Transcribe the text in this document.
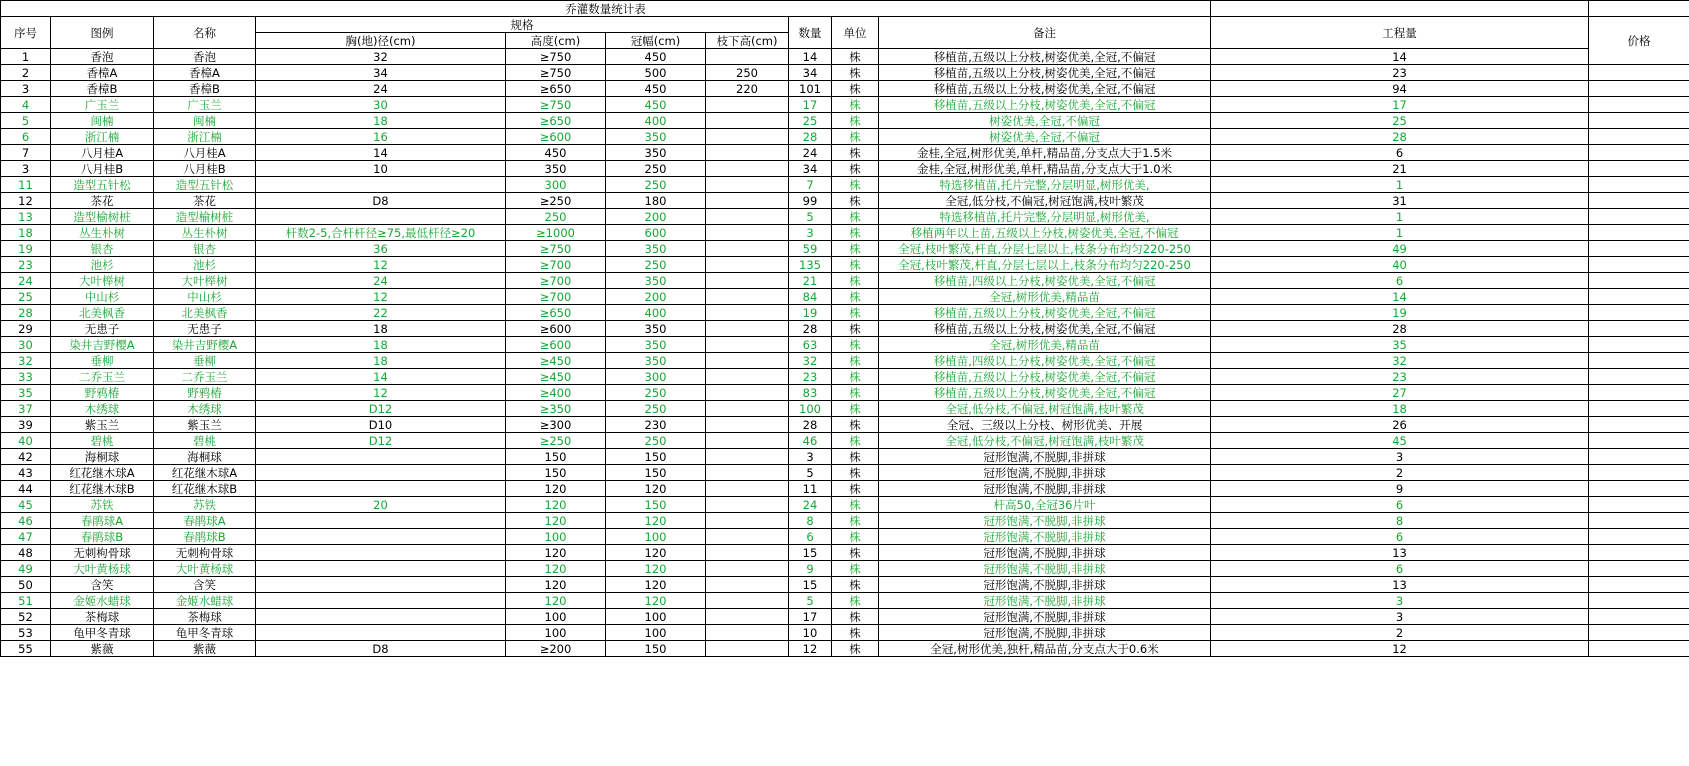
乔灌数量统计表											
序号	图例	名称	规格				数量	单位	备注	工程量	价格
			胸(地)径(cm)	高度(cm)	冠幅(cm)	枝下高(cm)					
1	香泡	香泡	32	≥750	450		14	株	移植苗,五级以上分枝,树姿优美,全冠,不偏冠	14	
2	香樟A	香樟A	34	≥750	500	250	34	株	移植苗,五级以上分枝,树姿优美,全冠,不偏冠	23	
3	香樟B	香樟B	24	≥650	450	220	101	株	移植苗,五级以上分枝,树姿优美,全冠,不偏冠	94	
4	广玉兰	广玉兰	30	≥750	450		17	株	移植苗,五级以上分枝,树姿优美,全冠,不偏冠	17	
5	闽楠	闽楠	18	≥650	400		25	株	树姿优美,全冠,不偏冠	25	
6	浙江楠	浙江楠	16	≥600	350		28	株	树姿优美,全冠,不偏冠	28	
7	八月桂A	八月桂A	14	450	350		24	株	金桂,全冠,树形优美,单杆,精品苗,分支点大于1.5米	6	
3	八月桂B	八月桂B	10	350	250		34	株	金桂,全冠,树形优美,单杆,精品苗,分支点大于1.0米	21	
11	造型五针松	造型五针松		300	250		7	株	特选移植苗,托片完整,分层明显,树形优美,	1	
12	茶花	茶花	D8	≥250	180		99	株	全冠,低分枝,不偏冠,树冠饱满,枝叶繁茂	31	
13	造型榆树桩	造型榆树桩		250	200		5	株	特选移植苗,托片完整,分层明显,树形优美,	1	
18	丛生朴树	丛生朴树	杆数2-5,合杆杆径≥75,最低杆径≥20	≥1000	600		3	株	移植两年以上苗,五级以上分枝,树姿优美,全冠,不偏冠	1	
19	银杏	银杏	36	≥750	350		59	株	全冠,枝叶繁茂,杆直,分层七层以上,枝条分布均匀220-250	49	
23	池杉	池杉	12	≥700	250		135	株	全冠,枝叶繁茂,杆直,分层七层以上,枝条分布均匀220-250	40	
24	大叶榉树	大叶榉树	24	≥700	350		21	株	移植苗,四级以上分枝,树姿优美,全冠,不偏冠	6	
25	中山杉	中山杉	12	≥700	200		84	株	全冠,树形优美,精品苗	14	
28	北美枫香	北美枫香	22	≥650	400		19	株	移植苗,五级以上分枝,树姿优美,全冠,不偏冠	19	
29	无患子	无患子	18	≥600	350		28	株	移植苗,五级以上分枝,树姿优美,全冠,不偏冠	28	
30	染井吉野樱A	染井吉野樱A	18	≥600	350		63	株	全冠,树形优美,精品苗	35	
32	垂柳	垂柳	18	≥450	350		32	株	移植苗,四级以上分枝,树姿优美,全冠,不偏冠	32	
33	二乔玉兰	二乔玉兰	14	≥450	300		23	株	移植苗,五级以上分枝,树姿优美,全冠,不偏冠	23	
35	野鸦椿	野鸦椿	12	≥400	250		83	株	移植苗,五级以上分枝,树姿优美,全冠,不偏冠	27	
37	木绣球	木绣球	D12	≥350	250		100	株	全冠,低分枝,不偏冠,树冠饱满,枝叶繁茂	18	
39	紫玉兰	紫玉兰	D10	≥300	230		28	株	全冠、三级以上分枝、树形优美、开展	26	
40	碧桃	碧桃	D12	≥250	250		46	株	全冠,低分枝,不偏冠,树冠饱满,枝叶繁茂	45	
42	海桐球	海桐球		150	150		3	株	冠形饱满,不脱脚,非拼球	3	
43	红花继木球A	红花继木球A		150	150		5	株	冠形饱满,不脱脚,非拼球	2	
44	红花继木球B	红花继木球B		120	120		11	株	冠形饱满,不脱脚,非拼球	9	
45	苏铁	苏铁	20	120	150		24	株	杆高50,全冠36片叶	6	
46	春鹃球A	春鹃球A		120	120		8	株	冠形饱满,不脱脚,非拼球	8	
47	春鹃球B	春鹃球B		100	100		6	株	冠形饱满,不脱脚,非拼球	6	
48	无刺枸骨球	无刺枸骨球		120	120		15	株	冠形饱满,不脱脚,非拼球	13	
49	大叶黄杨球	大叶黄杨球		120	120		9	株	冠形饱满,不脱脚,非拼球	6	
50	含笑	含笑		120	120		15	株	冠形饱满,不脱脚,非拼球	13	
51	金姬水蜡球	金姬水蜡球		120	120		5	株	冠形饱满,不脱脚,非拼球	3	
52	茶梅球	茶梅球		100	100		17	株	冠形饱满,不脱脚,非拼球	3	
53	龟甲冬青球	龟甲冬青球		100	100		10	株	冠形饱满,不脱脚,非拼球	2	
55	紫薇	紫薇	D8	≥200	150		12	株	全冠,树形优美,独杆,精品苗,分支点大于0.6米	12	
